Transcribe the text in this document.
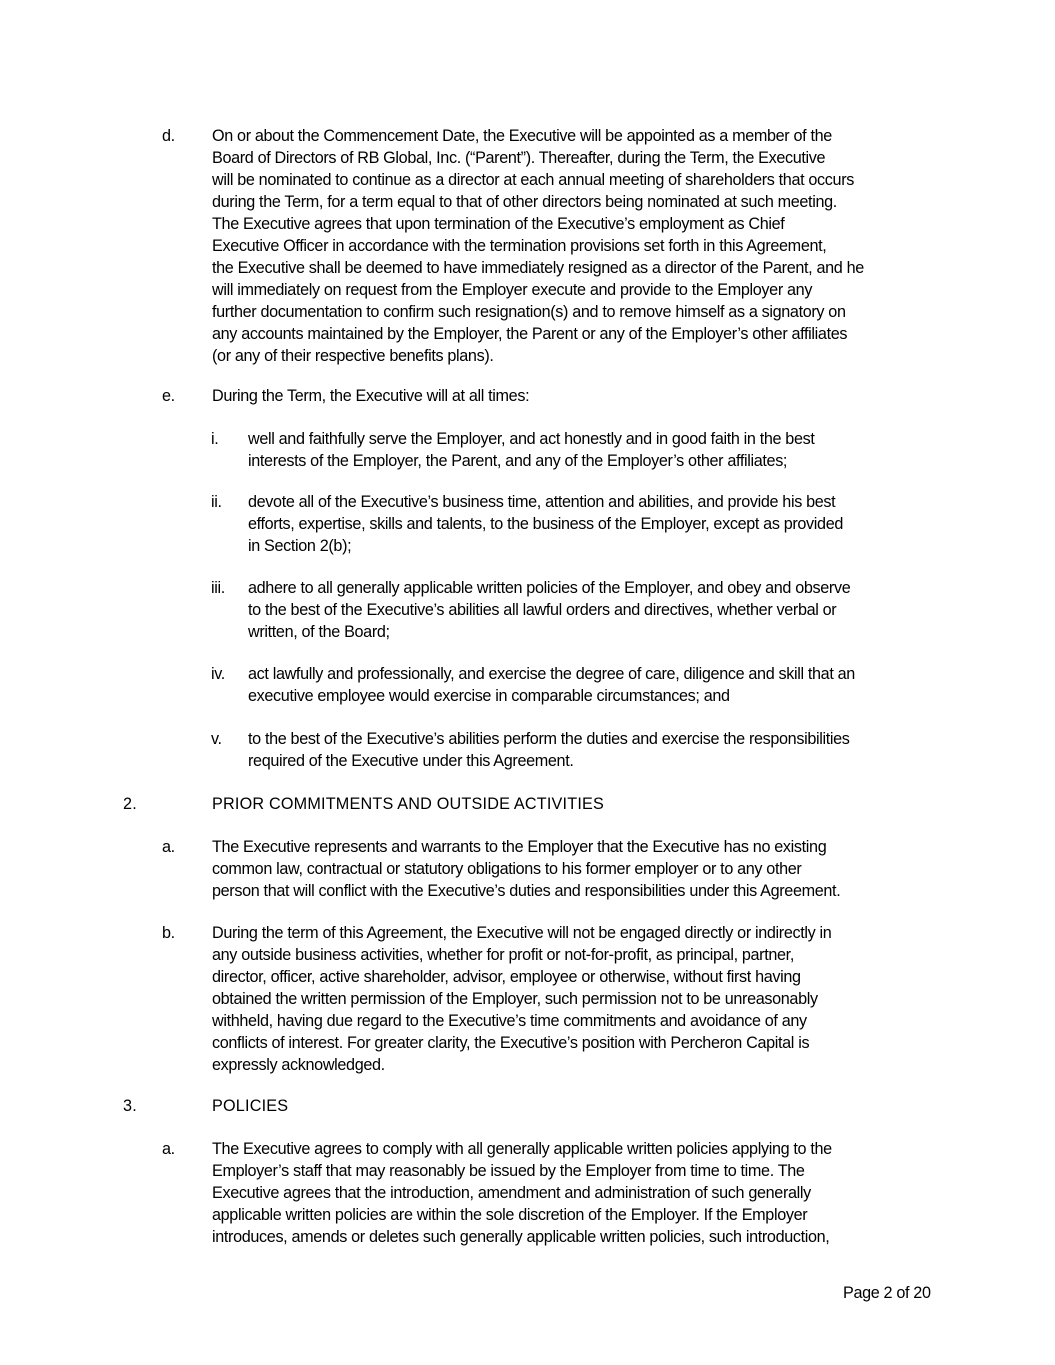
d. On or about the Commencement Date, the Executive will be appointed as a member of the
Board of Directors of RB Global, Inc. (“Parent”). Thereafter, during the Term, the Executive
will be nominated to continue as a director at each annual meeting of shareholders that occurs
during the Term, for a term equal to that of other directors being nominated at such meeting.
The Executive agrees that upon termination of the Executive’s employment as Chief
Executive Officer in accordance with the termination provisions set forth in this Agreement,
the Executive shall be deemed to have immediately resigned as a director of the Parent, and he
will immediately on request from the Employer execute and provide to the Employer any
further documentation to confirm such resignation(s) and to remove himself as a signatory on
any accounts maintained by the Employer, the Parent or any of the Employer’s other affiliates
(or any of their respective benefits plans).
e. During the Term, the Executive will at all times:
i. well and faithfully serve the Employer, and act honestly and in good faith in the best
interests of the Employer, the Parent, and any of the Employer’s other affiliates;
ii. devote all of the Executive’s business time, attention and abilities, and provide his best
efforts, expertise, skills and talents, to the business of the Employer, except as provided
in Section 2(b);
iii. adhere to all generally applicable written policies of the Employer, and obey and observe
to the best of the Executive’s abilities all lawful orders and directives, whether verbal or
written, of the Board;
iv. act lawfully and professionally, and exercise the degree of care, diligence and skill that an
executive employee would exercise in comparable circumstances; and
v. to the best of the Executive’s abilities perform the duties and exercise the responsibilities
required of the Executive under this Agreement.
2.	PRIOR COMMITMENTS AND OUTSIDE ACTIVITIES
a. The Executive represents and warrants to the Employer that the Executive has no existing
common law, contractual or statutory obligations to his former employer or to any other
person that will conflict with the Executive’s duties and responsibilities under this Agreement.
b. During the term of this Agreement, the Executive will not be engaged directly or indirectly in
any outside business activities, whether for profit or not-for-profit, as principal, partner,
director, officer, active shareholder, advisor, employee or otherwise, without first having
obtained the written permission of the Employer, such permission not to be unreasonably
withheld, having due regard to the Executive’s time commitments and avoidance of any
conflicts of interest. For greater clarity, the Executive’s position with Percheron Capital is
expressly acknowledged.
3.	POLICIES
a. The Executive agrees to comply with all generally applicable written policies applying to the
Employer’s staff that may reasonably be issued by the Employer from time to time. The
Executive agrees that the introduction, amendment and administration of such generally
applicable written policies are within the sole discretion of the Employer. If the Employer
introduces, amends or deletes such generally applicable written policies, such introduction,
Page 2 of 20
